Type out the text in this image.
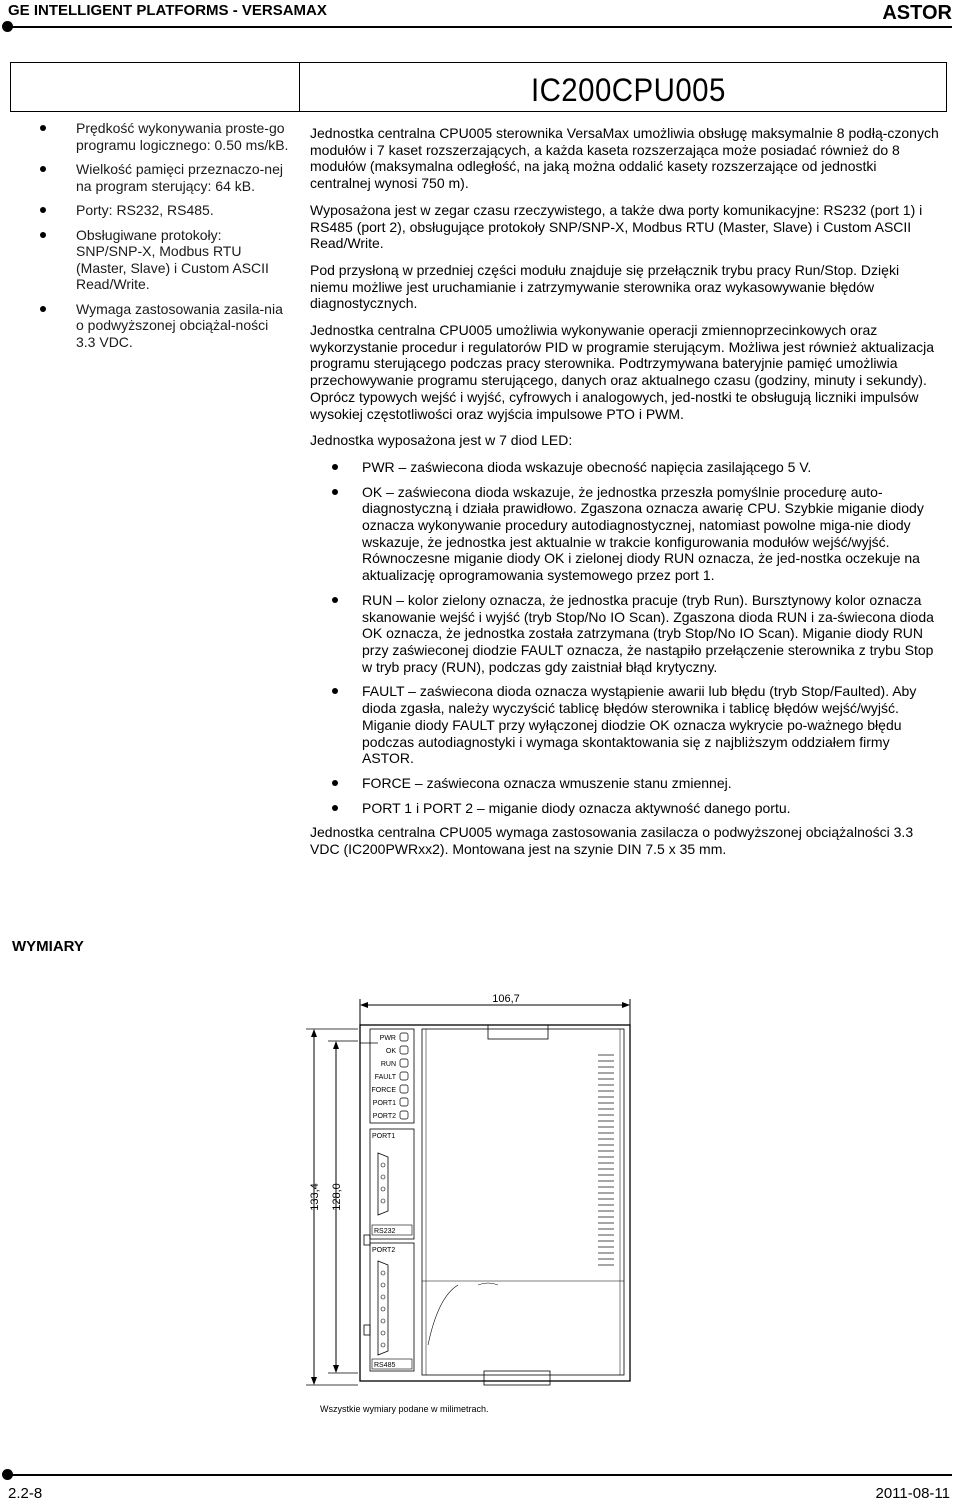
GE INTELLIGENT PLATFORMS - VERSAMAX	ASTOR
IC200CPU005
Prędkość wykonywania proste-go programu logicznego: 0.50 ms/kB.
Wielkość pamięci przeznaczo-nej na program sterujący: 64 kB.
Porty: RS232, RS485.
Obsługiwane protokoły: SNP/SNP-X, Modbus RTU (Master, Slave) i Custom ASCII Read/Write.
Wymaga zastosowania zasila-nia o podwyższonej obciążal-ności 3.3 VDC.

Jednostka centralna CPU005 sterownika VersaMax umożliwia obsługę maksymalnie 8 podłą-czonych modułów i 7 kaset rozszerzających, a każda kaseta rozszerzająca może posiadać również do 8 modułów (maksymalna odległość, na jaką można oddalić kasety rozszerzające od jednostki centralnej wynosi 750 m).

Wyposażona jest w zegar czasu rzeczywistego, a także dwa porty komunikacyjne: RS232 (port 1) i RS485 (port 2), obsługujące protokoły SNP/SNP-X, Modbus RTU (Master, Slave) i Custom ASCII Read/Write.

Pod przysłoną w przedniej części modułu znajduje się przełącznik trybu pracy Run/Stop. Dzięki niemu możliwe jest uruchamianie i zatrzymywanie sterownika oraz wykasowywanie błędów diagnostycznych.

Jednostka centralna CPU005 umożliwia wykonywanie operacji zmiennoprzecinkowych oraz wykorzystanie procedur i regulatorów PID w programie sterującym. Możliwa jest również aktualizacja programu sterującego podczas pracy sterownika. Podtrzymywana bateryjnie pamięć umożliwia przechowywanie programu sterującego, danych oraz aktualnego czasu (godziny, minuty i sekundy). Oprócz typowych wejść i wyjść, cyfrowych i analogowych, jed-nostki te obsługują liczniki impulsów wysokiej częstotliwości oraz wyjścia impulsowe PTO i PWM.

Jednostka wyposażona jest w 7 diod LED:

PWR – zaświecona dioda wskazuje obecność napięcia zasilającego 5 V.
OK – zaświecona dioda wskazuje, że jednostka przeszła pomyślnie procedurę auto-diagnostyczną i działa prawidłowo. Zgaszona oznacza awarię CPU. Szybkie miganie diody oznacza wykonywanie procedury autodiagnostycznej, natomiast powolne miga-nie diody wskazuje, że jednostka jest aktualnie w trakcie konfigurowania modułów wejść/wyjść. Równoczesne miganie diody OK i zielonej diody RUN oznacza, że jed-nostka oczekuje na aktualizację oprogramowania systemowego przez port 1.
RUN – kolor zielony oznacza, że jednostka pracuje (tryb Run). Bursztynowy kolor oznacza skanowanie wejść i wyjść (tryb Stop/No IO Scan). Zgaszona dioda RUN i za-świecona dioda OK oznacza, że jednostka została zatrzymana (tryb Stop/No IO Scan). Miganie diody RUN przy zaświeconej diodzie FAULT oznacza, że nastąpiło przełączenie sterownika z trybu Stop w tryb pracy (RUN), podczas gdy zaistniał błąd krytyczny.
FAULT – zaświecona dioda oznacza wystąpienie awarii lub błędu (tryb Stop/Faulted). Aby dioda zgasła, należy wyczyścić tablicę błędów sterownika i tablicę błędów wejść/wyjść. Miganie diody FAULT przy wyłączonej diodzie OK oznacza wykrycie po-ważnego błędu podczas autodiagnostyki i wymaga skontaktowania się z najbliższym oddziałem firmy ASTOR.
FORCE – zaświecona oznacza wmuszenie stanu zmiennej.
PORT 1 i PORT 2 – miganie diody oznacza aktywność danego portu.

Jednostka centralna CPU005 wymaga zastosowania zasilacza o podwyższonej obciążalności 3.3 VDC (IC200PWRxx2). Montowana jest na szynie DIN 7.5 x 35 mm.

WYMIARY
106,7
133,4 128,0
PWR
OK
RUN
FAULT
FORCE
PORT1
PORT2
PORT1
RS232
PORT2
RS485
Wszystkie wymiary podane w milimetrach.
2.2-8	2011-08-11
